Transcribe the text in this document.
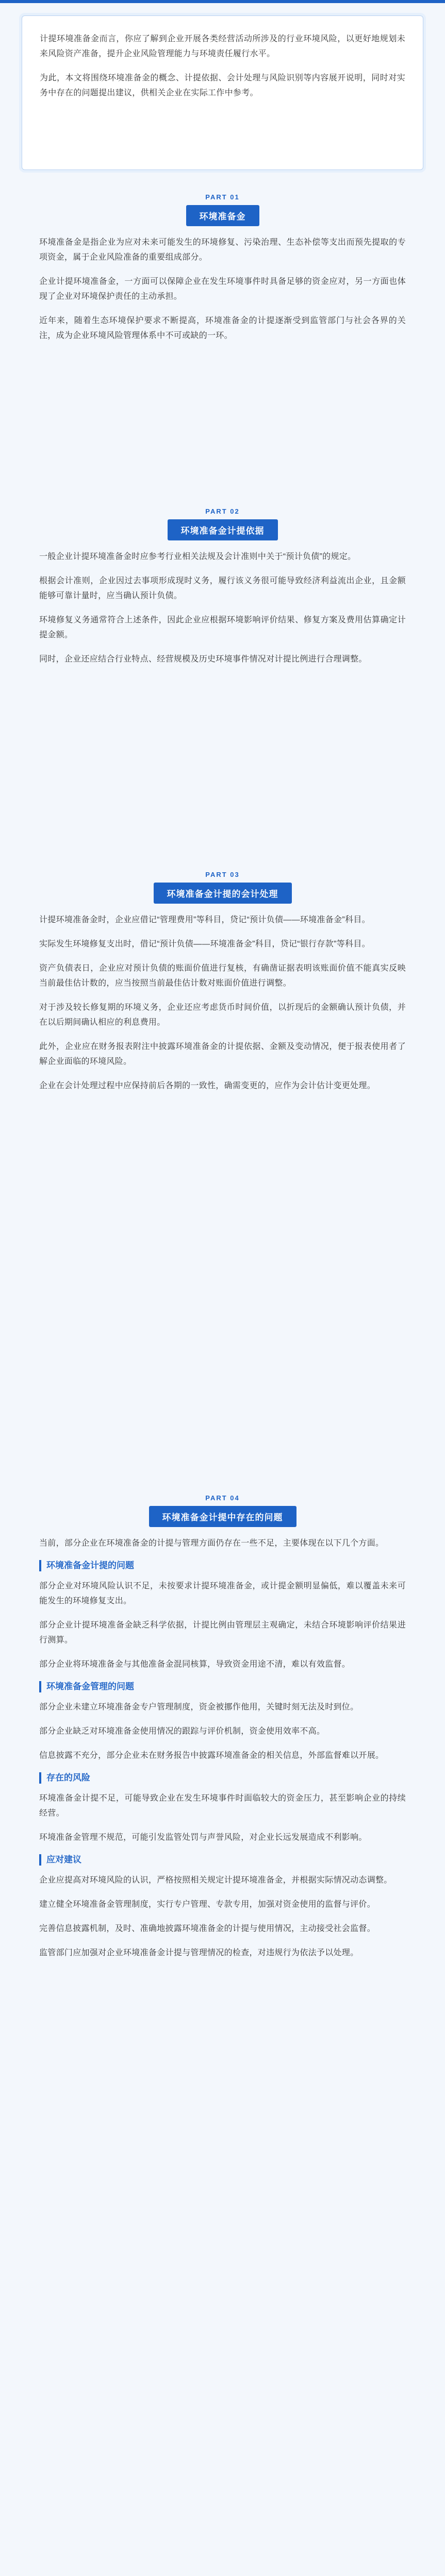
计提环境准备金而言，你应了解到企业开展各类经营活动所涉及的行业环境风险，以更好地规划未来风险资产准备，提升企业风险管理能力与环境责任履行水平。

为此，本文将围绕环境准备金的概念、计提依据、会计处理与风险识别等内容展开说明，同时对实务中存在的问题提出建议，供相关企业在实际工作中参考。

PART 01
环境准备金

环境准备金是指企业为应对未来可能发生的环境修复、污染治理、生态补偿等支出而预先提取的专项资金，属于企业风险准备的重要组成部分。

企业计提环境准备金，一方面可以保障企业在发生环境事件时具备足够的资金应对，另一方面也体现了企业对环境保护责任的主动承担。

近年来，随着生态环境保护要求不断提高，环境准备金的计提逐渐受到监管部门与社会各界的关注，成为企业环境风险管理体系中不可或缺的一环。

PART 02
环境准备金计提依据

一般企业计提环境准备金时应参考行业相关法规及会计准则中关于“预计负债”的规定。

根据会计准则，企业因过去事项形成现时义务，履行该义务很可能导致经济利益流出企业，且金额能够可靠计量时，应当确认预计负债。

环境修复义务通常符合上述条件，因此企业应根据环境影响评价结果、修复方案及费用估算确定计提金额。

同时，企业还应结合行业特点、经营规模及历史环境事件情况对计提比例进行合理调整。

PART 03
环境准备金计提的会计处理

计提环境准备金时，企业应借记“管理费用”等科目，贷记“预计负债——环境准备金”科目。

实际发生环境修复支出时，借记“预计负债——环境准备金”科目，贷记“银行存款”等科目。

资产负债表日，企业应对预计负债的账面价值进行复核，有确凿证据表明该账面价值不能真实反映当前最佳估计数的，应当按照当前最佳估计数对账面价值进行调整。

对于涉及较长修复期的环境义务，企业还应考虑货币时间价值，以折现后的金额确认预计负债，并在以后期间确认相应的利息费用。

此外，企业应在财务报表附注中披露环境准备金的计提依据、金额及变动情况，便于报表使用者了解企业面临的环境风险。

企业在会计处理过程中应保持前后各期的一致性，确需变更的，应作为会计估计变更处理。

PART 04
环境准备金计提中存在的问题

当前，部分企业在环境准备金的计提与管理方面仍存在一些不足，主要体现在以下几个方面。

环境准备金计提的问题

部分企业对环境风险认识不足，未按要求计提环境准备金，或计提金额明显偏低，难以覆盖未来可能发生的环境修复支出。

部分企业计提环境准备金缺乏科学依据，计提比例由管理层主观确定，未结合环境影响评价结果进行测算。

部分企业将环境准备金与其他准备金混同核算，导致资金用途不清，难以有效监督。

环境准备金管理的问题

部分企业未建立环境准备金专户管理制度，资金被挪作他用，关键时刻无法及时到位。

部分企业缺乏对环境准备金使用情况的跟踪与评价机制，资金使用效率不高。

信息披露不充分，部分企业未在财务报告中披露环境准备金的相关信息，外部监督难以开展。

存在的风险

环境准备金计提不足，可能导致企业在发生环境事件时面临较大的资金压力，甚至影响企业的持续经营。

环境准备金管理不规范，可能引发监管处罚与声誉风险，对企业长远发展造成不利影响。

应对建议

企业应提高对环境风险的认识，严格按照相关规定计提环境准备金，并根据实际情况动态调整。

建立健全环境准备金管理制度，实行专户管理、专款专用，加强对资金使用的监督与评价。

完善信息披露机制，及时、准确地披露环境准备金的计提与使用情况，主动接受社会监督。

监管部门应加强对企业环境准备金计提与管理情况的检查，对违规行为依法予以处理。
